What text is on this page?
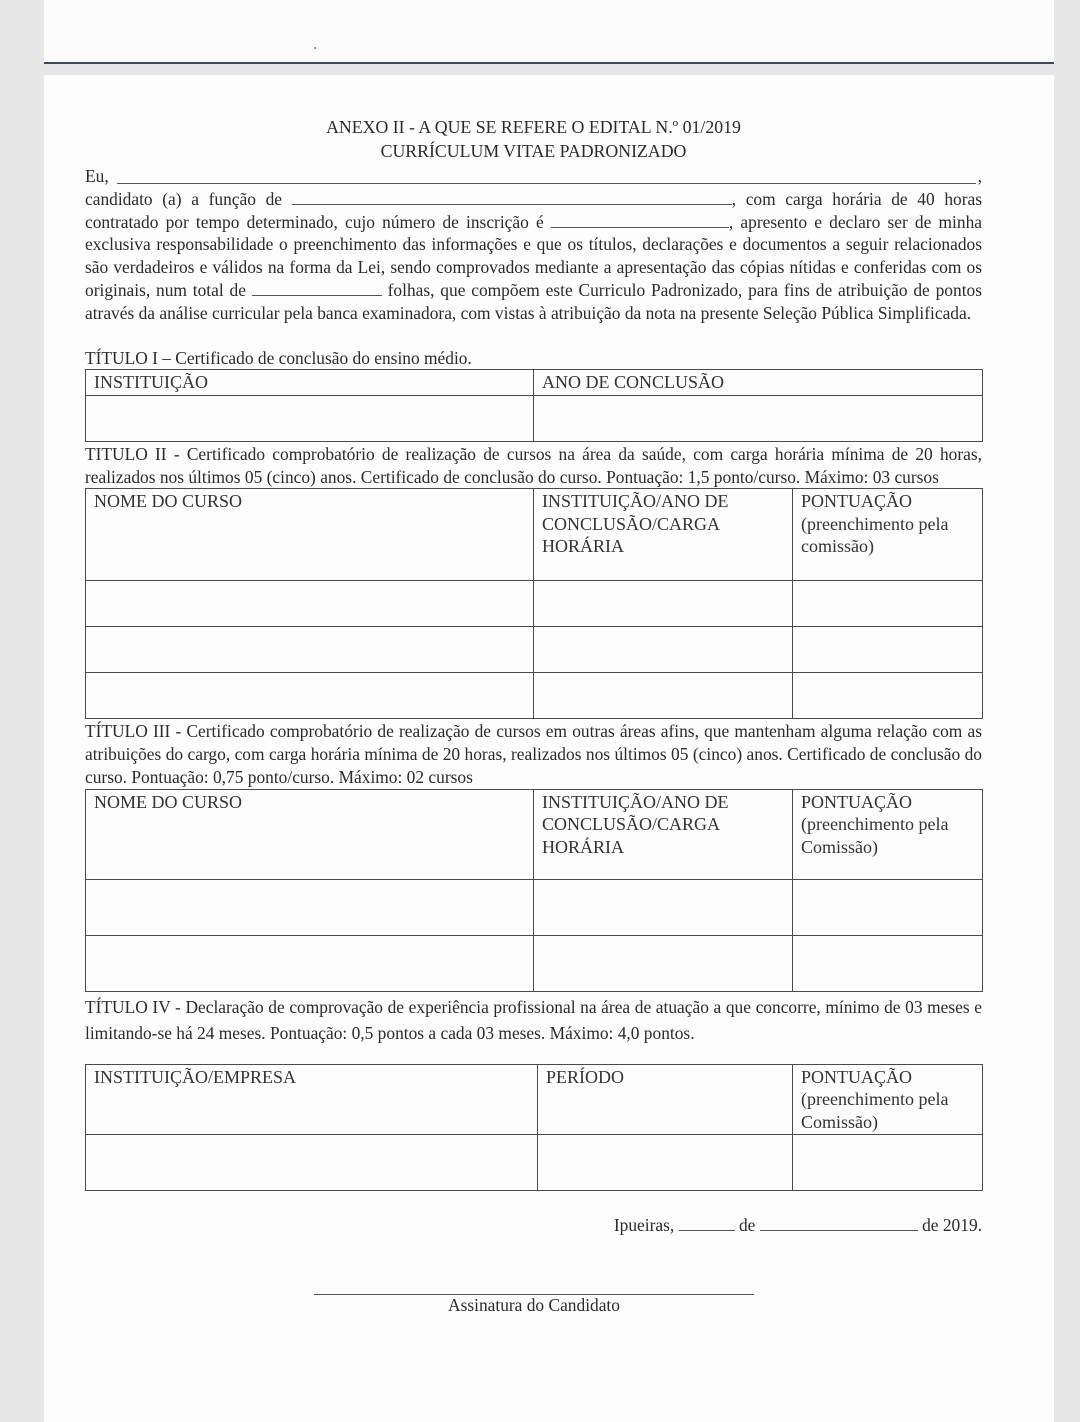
ANEXO II - A QUE SE REFERE O EDITAL N.º 01/2019
CURRÍCULUM VITAE PADRONIZADO
Eu,	,
candidato (a) a função de	, com carga horária de 40 horas contratado por tempo determinado, cujo número de inscrição é	, apresento e declaro ser de minha exclusiva responsabilidade o preenchimento das informações e que os títulos, declarações e documentos a seguir relacionados são verdadeiros e válidos na forma da Lei, sendo comprovados mediante a apresentação das cópias nítidas e conferidas com os originais, num total de	folhas, que compõem este Curriculo Padronizado, para fins de atribuição de pontos através da análise curricular pela banca examinadora, com vistas à atribuição da nota na presente Seleção Pública Simplificada.
TÍTULO I – Certificado de conclusão do ensino médio.
INSTITUIÇÃO	ANO DE CONCLUSÃO

TITULO II - Certificado comprobatório de realização de cursos na área da saúde, com carga horária mínima de 20 horas, realizados nos últimos 05 (cinco) anos. Certificado de conclusão do curso. Pontuação: 1,5 ponto/curso. Máximo: 03 cursos
NOME DO CURSO	INSTITUIÇÃO/ANO DE CONCLUSÃO/CARGA HORÁRIA	PONTUAÇÃO (preenchimento pela comissão)

TÍTULO III - Certificado comprobatório de realização de cursos em outras áreas afins, que mantenham alguma relação com as atribuições do cargo, com carga horária mínima de 20 horas, realizados nos últimos 05 (cinco) anos. Certificado de conclusão do curso. Pontuação: 0,75 ponto/curso. Máximo: 02 cursos
NOME DO CURSO	INSTITUIÇÃO/ANO DE CONCLUSÃO/CARGA HORÁRIA	PONTUAÇÃO (preenchimento pela Comissão)

TÍTULO IV - Declaração de comprovação de experiência profissional na área de atuação a que concorre, mínimo de 03 meses e limitando-se há 24 meses. Pontuação: 0,5 pontos a cada 03 meses. Máximo: 4,0 pontos.
INSTITUIÇÃO/EMPRESA	PERÍODO	PONTUAÇÃO (preenchimento pela Comissão)

Ipueiras,	de	de 2019.
Assinatura do Candidato
